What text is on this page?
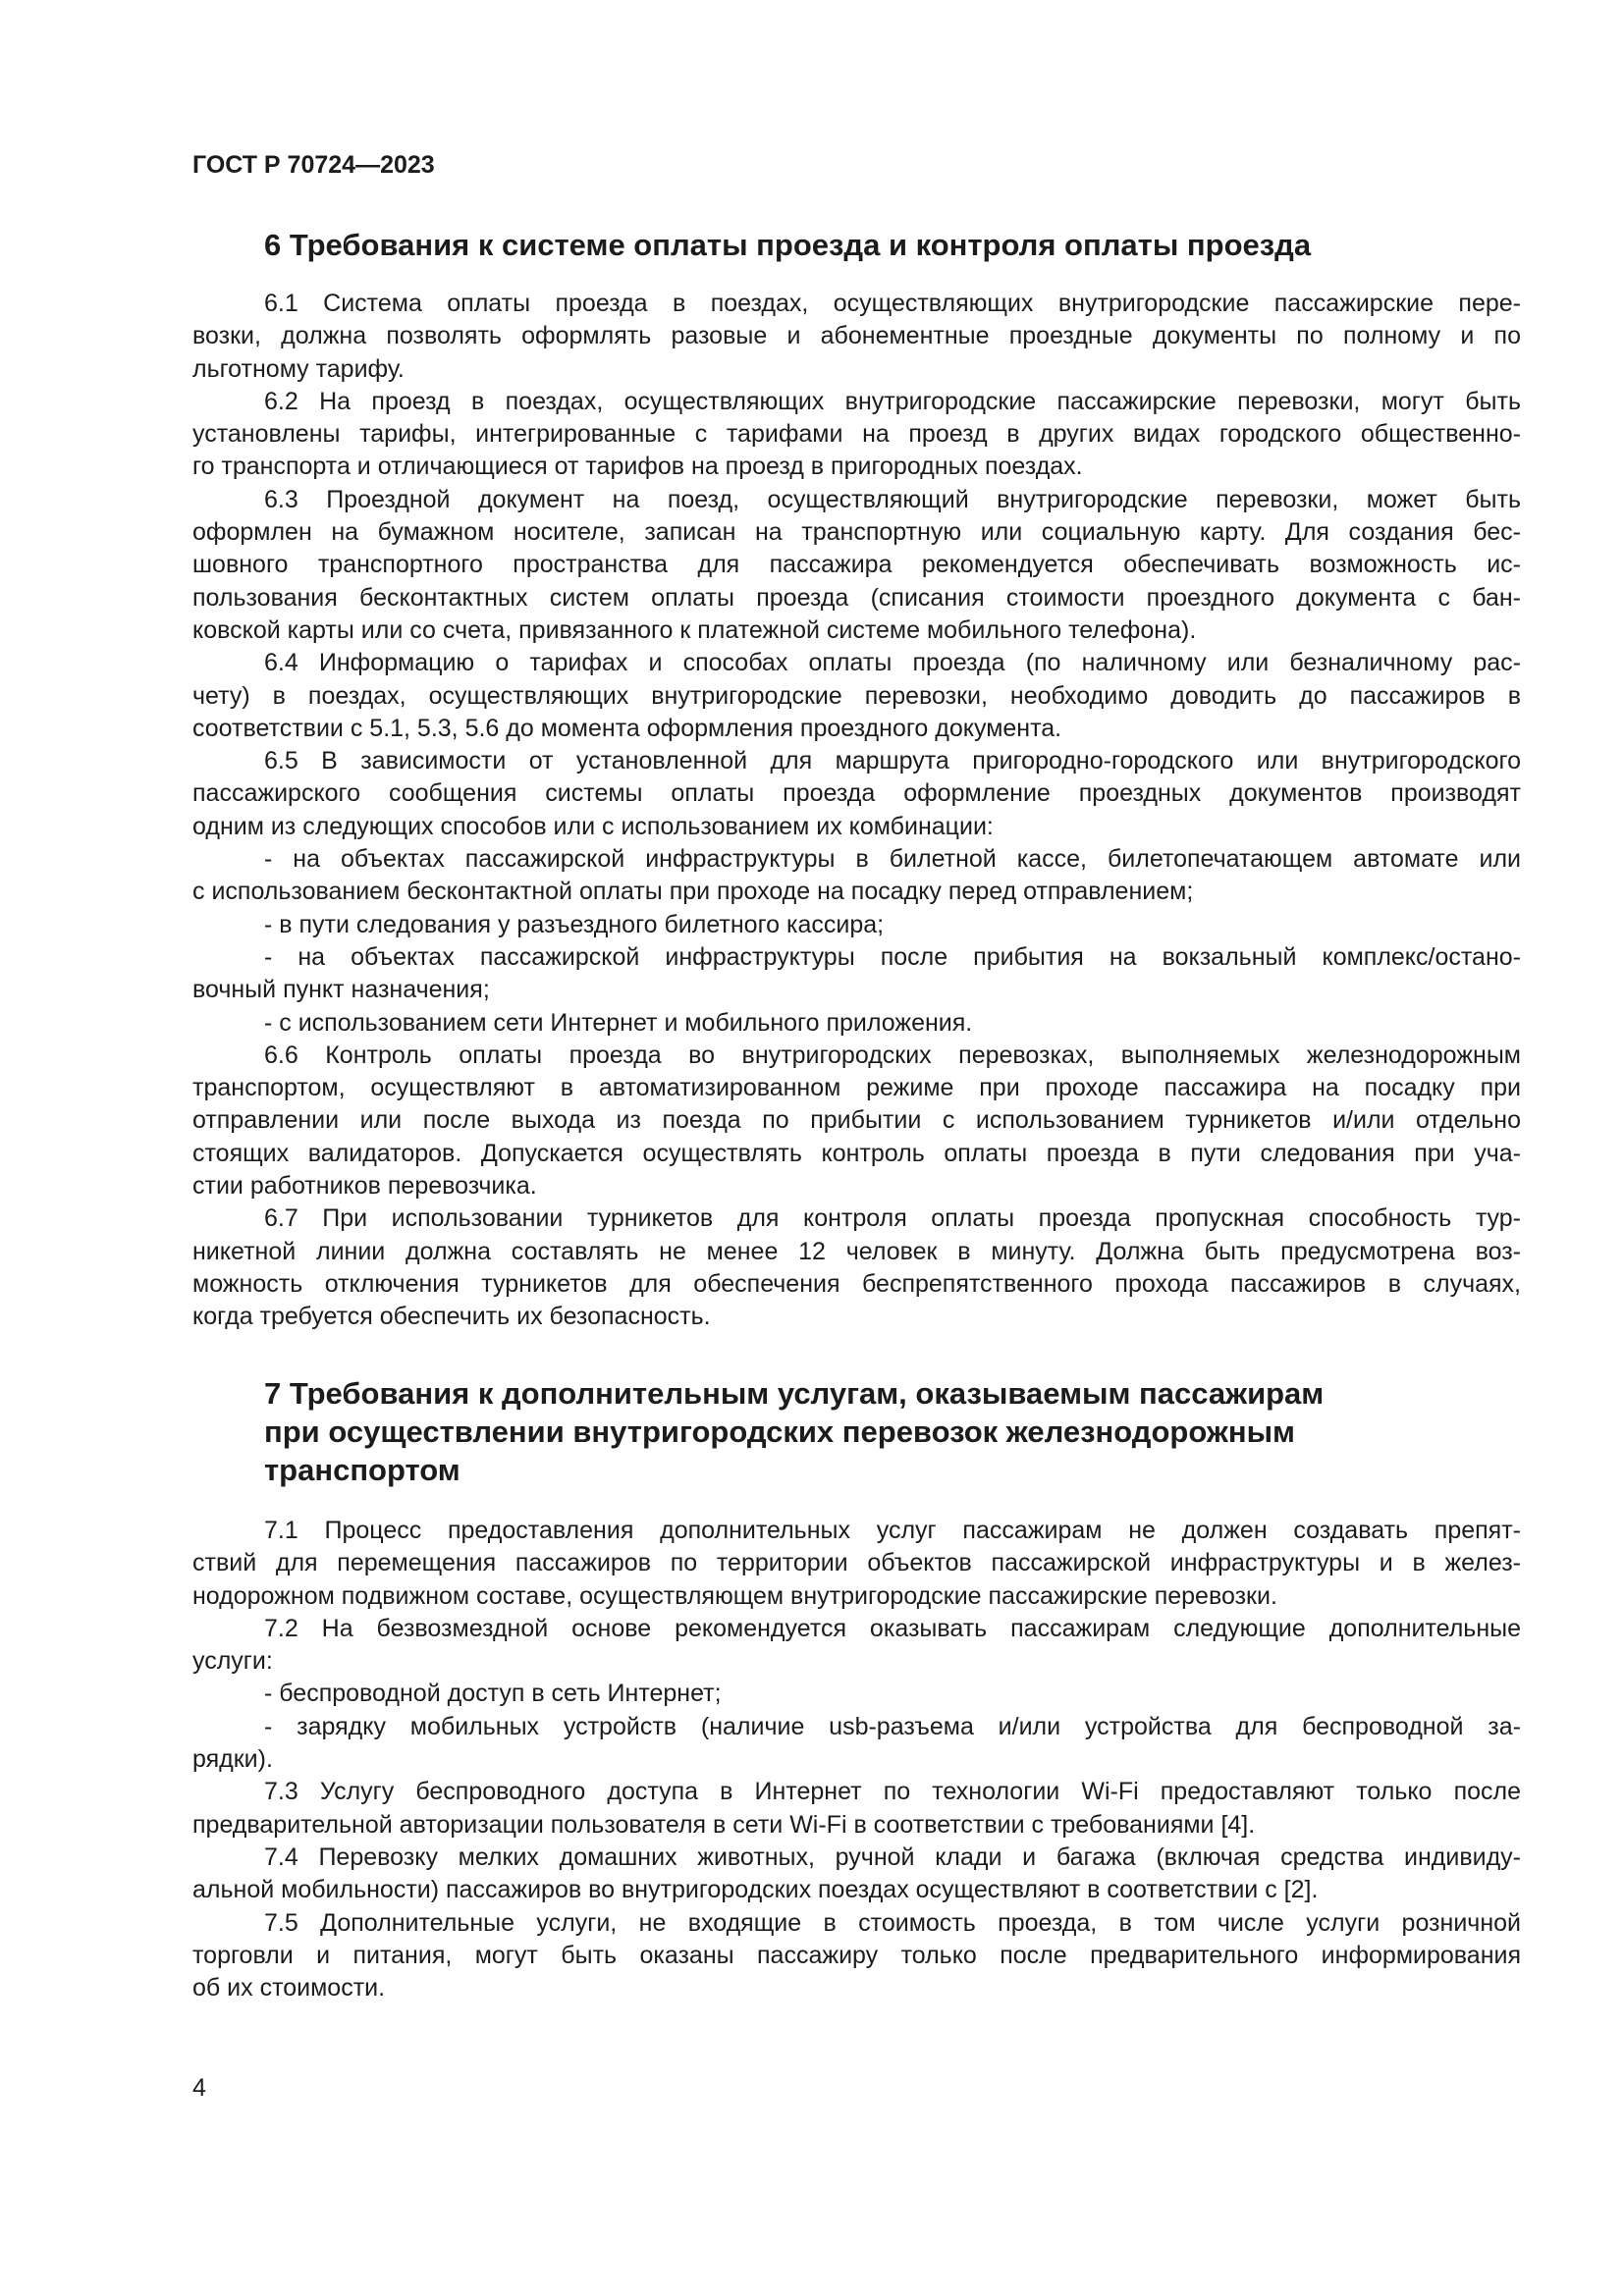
ГОСТ Р 70724—2023
6 Требования к системе оплаты проезда и контроля оплаты проезда
6.1 Система оплаты проезда в поездах, осуществляющих внутригородские пассажирские пере-
возки, должна позволять оформлять разовые и абонементные проездные документы по полному и по
льготному тарифу.
6.2 На проезд в поездах, осуществляющих внутригородские пассажирские перевозки, могут быть
установлены тарифы, интегрированные с тарифами на проезд в других видах городского общественно-
го транспорта и отличающиеся от тарифов на проезд в пригородных поездах.
6.3 Проездной документ на поезд, осуществляющий внутригородские перевозки, может быть
оформлен на бумажном носителе, записан на транспортную или социальную карту. Для создания бес-
шовного транспортного пространства для пассажира рекомендуется обеспечивать возможность ис-
пользования бесконтактных систем оплаты проезда (списания стоимости проездного документа с бан-
ковской карты или со счета, привязанного к платежной системе мобильного телефона).
6.4 Информацию о тарифах и способах оплаты проезда (по наличному или безналичному рас-
чету) в поездах, осуществляющих внутригородские перевозки, необходимо доводить до пассажиров в
соответствии с 5.1, 5.3, 5.6 до момента оформления проездного документа.
6.5 В зависимости от установленной для маршрута пригородно-городского или внутригородского
пассажирского сообщения системы оплаты проезда оформление проездных документов производят
одним из следующих способов или с использованием их комбинации:
- на объектах пассажирской инфраструктуры в билетной кассе, билетопечатающем автомате или
с использованием бесконтактной оплаты при проходе на посадку перед отправлением;
- в пути следования у разъездного билетного кассира;
- на объектах пассажирской инфраструктуры после прибытия на вокзальный комплекс/остано-
вочный пункт назначения;
- с использованием сети Интернет и мобильного приложения.
6.6 Контроль оплаты проезда во внутригородских перевозках, выполняемых железнодорожным
транспортом, осуществляют в автоматизированном режиме при проходе пассажира на посадку при
отправлении или после выхода из поезда по прибытии с использованием турникетов и/или отдельно
стоящих валидаторов. Допускается осуществлять контроль оплаты проезда в пути следования при уча-
стии работников перевозчика.
6.7 При использовании турникетов для контроля оплаты проезда пропускная способность тур-
никетной линии должна составлять не менее 12 человек в минуту. Должна быть предусмотрена воз-
можность отключения турникетов для обеспечения беспрепятственного прохода пассажиров в случаях,
когда требуется обеспечить их безопасность.
7 Требования к дополнительным услугам, оказываемым пассажирам
при осуществлении внутригородских перевозок железнодорожным
транспортом
7.1 Процесс предоставления дополнительных услуг пассажирам не должен создавать препят-
ствий для перемещения пассажиров по территории объектов пассажирской инфраструктуры и в желез-
нодорожном подвижном составе, осуществляющем внутригородские пассажирские перевозки.
7.2 На безвозмездной основе рекомендуется оказывать пассажирам следующие дополнительные
услуги:
- беспроводной доступ в сеть Интернет;
- зарядку мобильных устройств (наличие usb-разъема и/или устройства для беспроводной за-
рядки).
7.3 Услугу беспроводного доступа в Интернет по технологии Wi-Fi предоставляют только после
предварительной авторизации пользователя в сети Wi-Fi в соответствии с требованиями [4].
7.4 Перевозку мелких домашних животных, ручной клади и багажа (включая средства индивиду-
альной мобильности) пассажиров во внутригородских поездах осуществляют в соответствии с [2].
7.5 Дополнительные услуги, не входящие в стоимость проезда, в том числе услуги розничной
торговли и питания, могут быть оказаны пассажиру только после предварительного информирования
об их стоимости.
4
